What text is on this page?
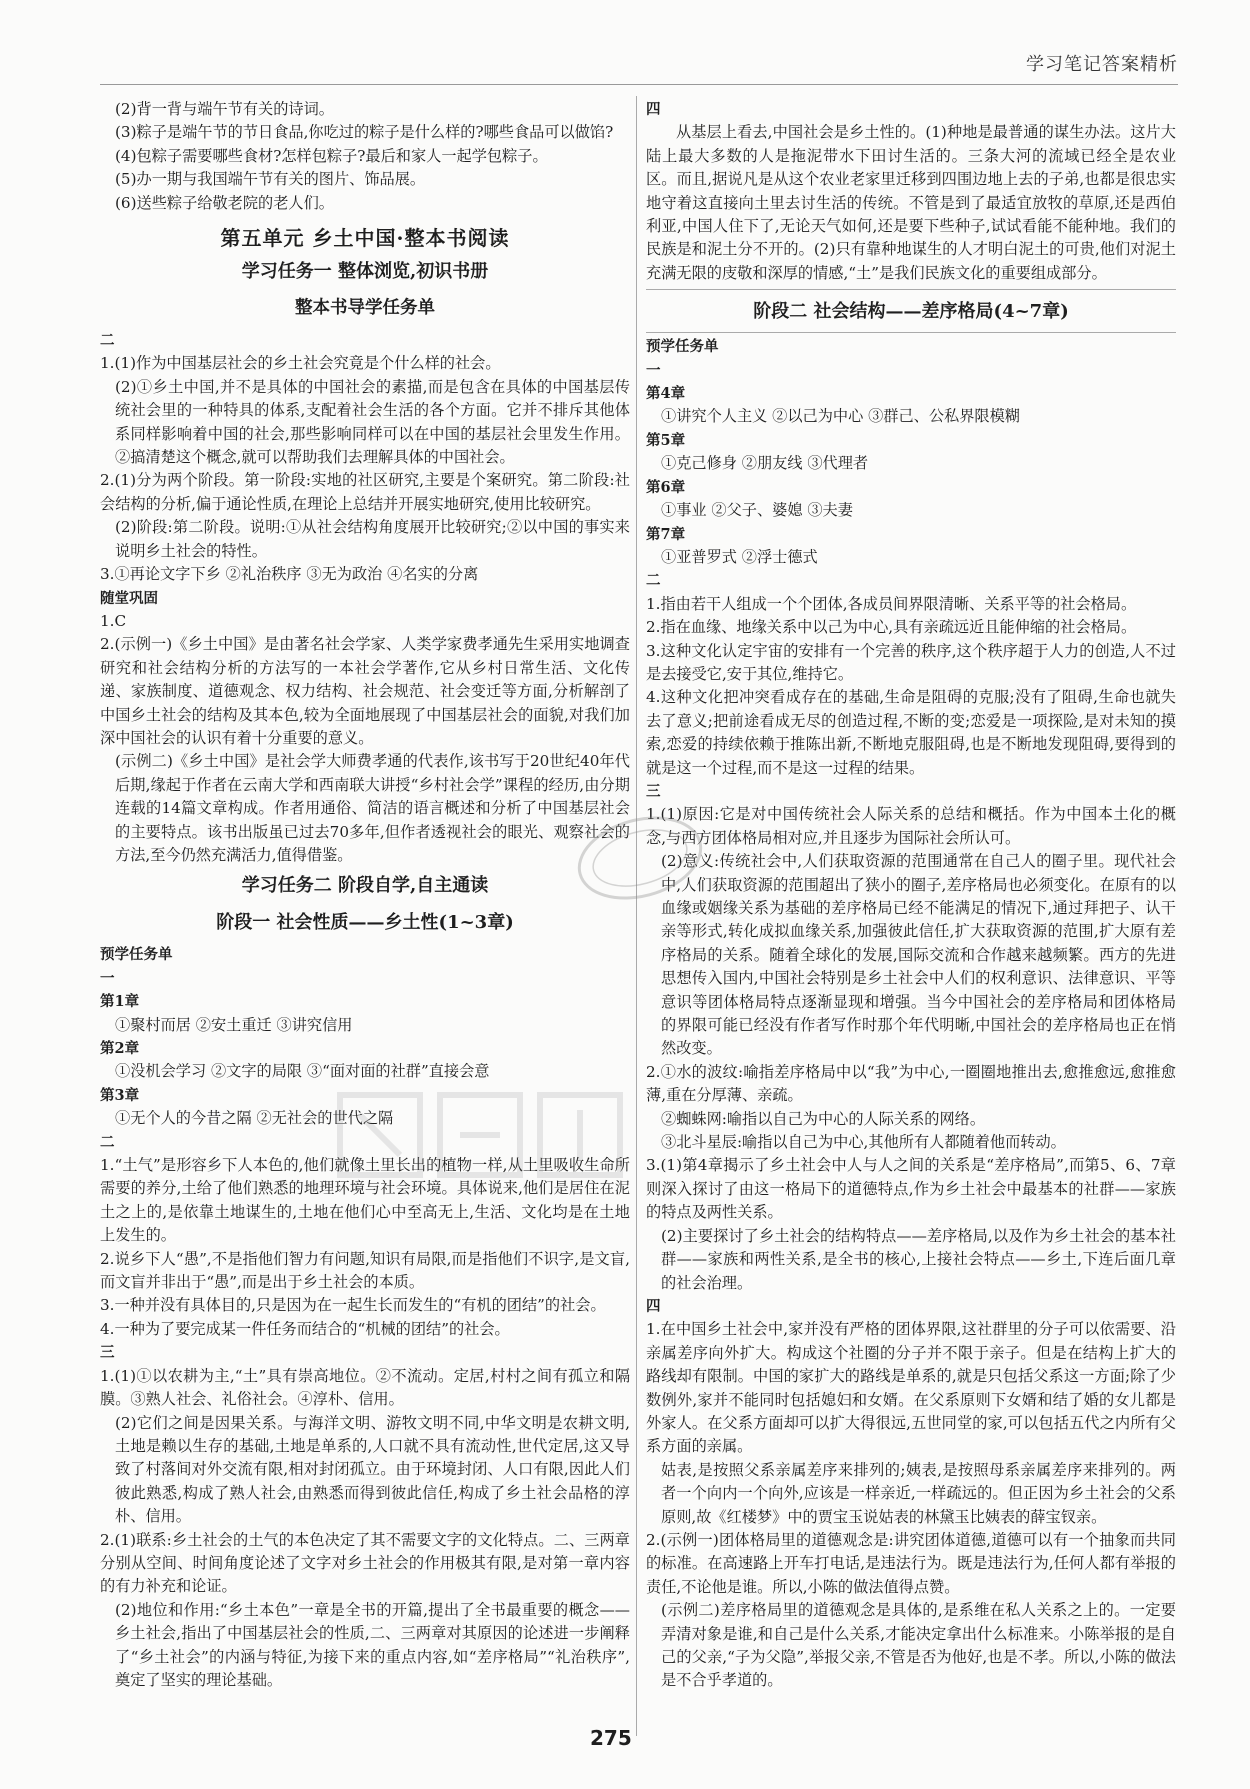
学习笔记答案精析

(2)背一背与端午节有关的诗词。

(3)粽子是端午节的节日食品,你吃过的粽子是什么样的?哪些食品可以做馅?

(4)包粽子需要哪些食材?怎样包粽子?最后和家人一起学包粽子。

(5)办一期与我国端午节有关的图片、饰品展。

(6)送些粽子给敬老院的老人们。

第五单元 乡土中国·整本书阅读
学习任务一 整体浏览,初识书册
整本书导学任务单

二

1.(1)作为中国基层社会的乡土社会究竟是个什么样的社会。

(2)①乡土中国,并不是具体的中国社会的素描,而是包含在具体的中国基层传统社会里的一种特具的体系,支配着社会生活的各个方面。它并不排斥其他体系同样影响着中国的社会,那些影响同样可以在中国的基层社会里发生作用。②搞清楚这个概念,就可以帮助我们去理解具体的中国社会。

2.(1)分为两个阶段。第一阶段:实地的社区研究,主要是个案研究。第二阶段:社会结构的分析,偏于通论性质,在理论上总结并开展实地研究,使用比较研究。

(2)阶段:第二阶段。说明:①从社会结构角度展开比较研究;②以中国的事实来说明乡土社会的特性。

3.①再论文字下乡 ②礼治秩序 ③无为政治 ④名实的分离

随堂巩固

1.C

2.(示例一)《乡土中国》是由著名社会学家、人类学家费孝通先生采用实地调查研究和社会结构分析的方法写的一本社会学著作,它从乡村日常生活、文化传递、家族制度、道德观念、权力结构、社会规范、社会变迁等方面,分析解剖了中国乡土社会的结构及其本色,较为全面地展现了中国基层社会的面貌,对我们加深中国社会的认识有着十分重要的意义。

(示例二)《乡土中国》是社会学大师费孝通的代表作,该书写于20世纪40年代后期,缘起于作者在云南大学和西南联大讲授“乡村社会学”课程的经历,由分期连载的14篇文章构成。作者用通俗、简洁的语言概述和分析了中国基层社会的主要特点。该书出版虽已过去70多年,但作者透视社会的眼光、观察社会的方法,至今仍然充满活力,值得借鉴。

学习任务二 阶段自学,自主通读
阶段一 社会性质——乡土性(1~3章)

预学任务单

一

第1章

①聚村而居 ②安土重迁 ③讲究信用

第2章

①没机会学习 ②文字的局限 ③“面对面的社群”直接会意

第3章

①无个人的今昔之隔 ②无社会的世代之隔

二

1.“土气”是形容乡下人本色的,他们就像土里长出的植物一样,从土里吸收生命所需要的养分,土给了他们熟悉的地理环境与社会环境。具体说来,他们是居住在泥土之上的,是依靠土地谋生的,土地在他们心中至高无上,生活、文化均是在土地上发生的。

2.说乡下人“愚”,不是指他们智力有问题,知识有局限,而是指他们不识字,是文盲,而文盲并非出于“愚”,而是出于乡土社会的本质。

3.一种并没有具体目的,只是因为在一起生长而发生的“有机的团结”的社会。

4.一种为了要完成某一件任务而结合的“机械的团结”的社会。

三

1.(1)①以农耕为主,“土”具有崇高地位。②不流动。定居,村村之间有孤立和隔膜。③熟人社会、礼俗社会。④淳朴、信用。

(2)它们之间是因果关系。与海洋文明、游牧文明不同,中华文明是农耕文明,土地是赖以生存的基础,土地是单系的,人口就不具有流动性,世代定居,这又导致了村落间对外交流有限,相对封闭孤立。由于环境封闭、人口有限,因此人们彼此熟悉,构成了熟人社会,由熟悉而得到彼此信任,构成了乡土社会品格的淳朴、信用。

2.(1)联系:乡土社会的土气的本色决定了其不需要文字的文化特点。二、三两章分别从空间、时间角度论述了文字对乡土社会的作用极其有限,是对第一章内容的有力补充和论证。

(2)地位和作用:“乡土本色”一章是全书的开篇,提出了全书最重要的概念——乡土社会,指出了中国基层社会的性质,二、三两章对其原因的论述进一步阐释了“乡土社会”的内涵与特征,为接下来的重点内容,如“差序格局”“礼治秩序”,奠定了坚实的理论基础。

四

从基层上看去,中国社会是乡土性的。(1)种地是最普通的谋生办法。这片大陆上最大多数的人是拖泥带水下田讨生活的。三条大河的流域已经全是农业区。而且,据说凡是从这个农业老家里迁移到四围边地上去的子弟,也都是很忠实地守着这直接向土里去讨生活的传统。不管是到了最适宜放牧的草原,还是西伯利亚,中国人住下了,无论天气如何,还是要下些种子,试试看能不能种地。我们的民族是和泥土分不开的。(2)只有靠种地谋生的人才明白泥土的可贵,他们对泥土充满无限的庋敬和深厚的情感,“土”是我们民族文化的重要组成部分。

阶段二 社会结构——差序格局(4~7章)

预学任务单

一

第4章

①讲究个人主义 ②以己为中心 ③群己、公私界限模糊

第5章

①克己修身 ②朋友线 ③代理者

第6章

①事业 ②父子、婆媳 ③夫妻

第7章

①亚普罗式 ②浮士德式

二

1.指由若干人组成一个个团体,各成员间界限清晰、关系平等的社会格局。

2.指在血缘、地缘关系中以己为中心,具有亲疏远近且能伸缩的社会格局。

3.这种文化认定宇宙的安排有一个完善的秩序,这个秩序超于人力的创造,人不过是去接受它,安于其位,维持它。

4.这种文化把冲突看成存在的基础,生命是阻碍的克服;没有了阻碍,生命也就失去了意义;把前途看成无尽的创造过程,不断的变;恋爱是一项探险,是对未知的摸索,恋爱的持续依赖于推陈出新,不断地克服阻碍,也是不断地发现阻碍,要得到的就是这一个过程,而不是这一过程的结果。

三

1.(1)原因:它是对中国传统社会人际关系的总结和概括。作为中国本土化的概念,与西方团体格局相对应,并且逐步为国际社会所认可。

(2)意义:传统社会中,人们获取资源的范围通常在自己人的圈子里。现代社会中,人们获取资源的范围超出了狭小的圈子,差序格局也必须变化。在原有的以血缘或姻缘关系为基础的差序格局已经不能满足的情况下,通过拜把子、认干亲等形式,转化成拟血缘关系,加强彼此信任,扩大获取资源的范围,扩大原有差序格局的关系。随着全球化的发展,国际交流和合作越来越频繁。西方的先进思想传入国内,中国社会特别是乡土社会中人们的权利意识、法律意识、平等意识等团体格局特点逐渐显现和增强。当今中国社会的差序格局和团体格局的界限可能已经没有作者写作时那个年代明晰,中国社会的差序格局也正在悄然改变。

2.①水的波纹:喻指差序格局中以“我”为中心,一圈圈地推出去,愈推愈远,愈推愈薄,重在分厚薄、亲疏。

②蜘蛛网:喻指以自己为中心的人际关系的网络。

③北斗星辰:喻指以自己为中心,其他所有人都随着他而转动。

3.(1)第4章揭示了乡土社会中人与人之间的关系是“差序格局”,而第5、6、7章则深入探讨了由这一格局下的道德特点,作为乡土社会中最基本的社群——家族的特点及两性关系。

(2)主要探讨了乡土社会的结构特点——差序格局,以及作为乡土社会的基本社群——家族和两性关系,是全书的核心,上接社会特点——乡土,下连后面几章的社会治理。

四

1.在中国乡土社会中,家并没有严格的团体界限,这社群里的分子可以依需要、沿亲属差序向外扩大。构成这个社圈的分子并不限于亲子。但是在结构上扩大的路线却有限制。中国的家扩大的路线是单系的,就是只包括父系这一方面;除了少数例外,家并不能同时包括媳妇和女婿。在父系原则下女婿和结了婚的女儿都是外家人。在父系方面却可以扩大得很远,五世同堂的家,可以包括五代之内所有父系方面的亲属。

姑表,是按照父系亲属差序来排列的;姨表,是按照母系亲属差序来排列的。两者一个向内一个向外,应该是一样亲近,一样疏远的。但正因为乡土社会的父系原则,故《红楼梦》中的贾宝玉说姑表的林黛玉比姨表的薛宝钗亲。

2.(示例一)团体格局里的道德观念是:讲究团体道德,道德可以有一个抽象而共同的标准。在高速路上开车打电话,是违法行为。既是违法行为,任何人都有举报的责任,不论他是谁。所以,小陈的做法值得点赞。

(示例二)差序格局里的道德观念是具体的,是系维在私人关系之上的。一定要弄清对象是谁,和自己是什么关系,才能决定拿出什么标准来。小陈举报的是自己的父亲,“子为父隐”,举报父亲,不管是否为他好,也是不孝。所以,小陈的做法是不合乎孝道的。

275
